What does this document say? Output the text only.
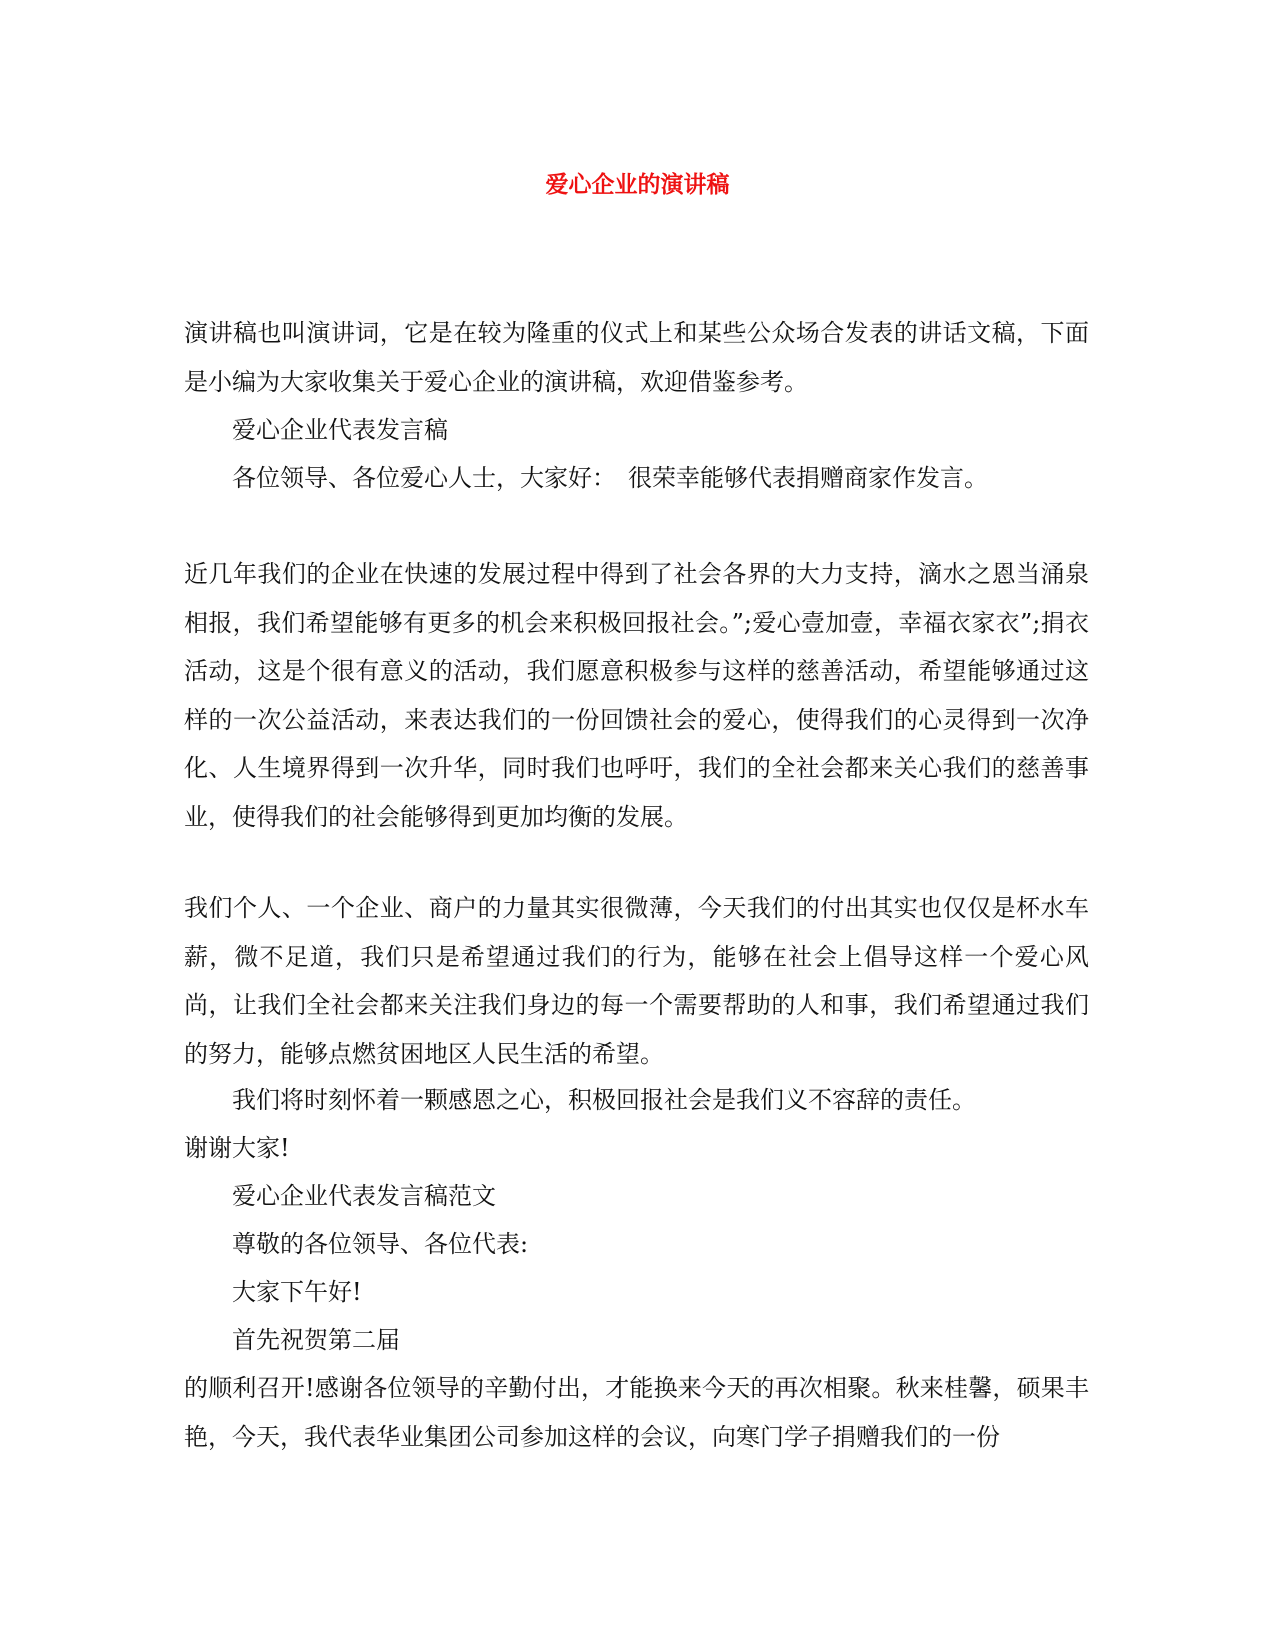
爱心企业的演讲稿

演讲稿也叫演讲词，它是在较为隆重的仪式上和某些公众场合发表的讲话文稿，下面是小编为大家收集关于爱心企业的演讲稿，欢迎借鉴参考。

爱心企业代表发言稿

各位领导、各位爱心人士，大家好：　很荣幸能够代表捐赠商家作发言。

近几年我们的企业在快速的发展过程中得到了社会各界的大力支持，滴水之恩当涌泉相报，我们希望能够有更多的机会来积极回报社会。”;爱心壹加壹，幸福衣家衣”;捐衣活动，这是个很有意义的活动，我们愿意积极参与这样的慈善活动，希望能够通过这样的一次公益活动，来表达我们的一份回馈社会的爱心，使得我们的心灵得到一次净化、人生境界得到一次升华，同时我们也呼吁，我们的全社会都来关心我们的慈善事业，使得我们的社会能够得到更加均衡的发展。

我们个人、一个企业、商户的力量其实很微薄，今天我们的付出其实也仅仅是杯水车薪，微不足道，我们只是希望通过我们的行为，能够在社会上倡导这样一个爱心风尚，让我们全社会都来关注我们身边的每一个需要帮助的人和事，我们希望通过我们的努力，能够点燃贫困地区人民生活的希望。

我们将时刻怀着一颗感恩之心，积极回报社会是我们义不容辞的责任。

谢谢大家!

爱心企业代表发言稿范文

尊敬的各位领导、各位代表:

大家下午好!

首先祝贺第二届

的顺利召开!感谢各位领导的辛勤付出，才能换来今天的再次相聚。秋来桂馨，硕果丰艳，今天，我代表华业集团公司参加这样的会议，向寒门学子捐赠我们的一份
